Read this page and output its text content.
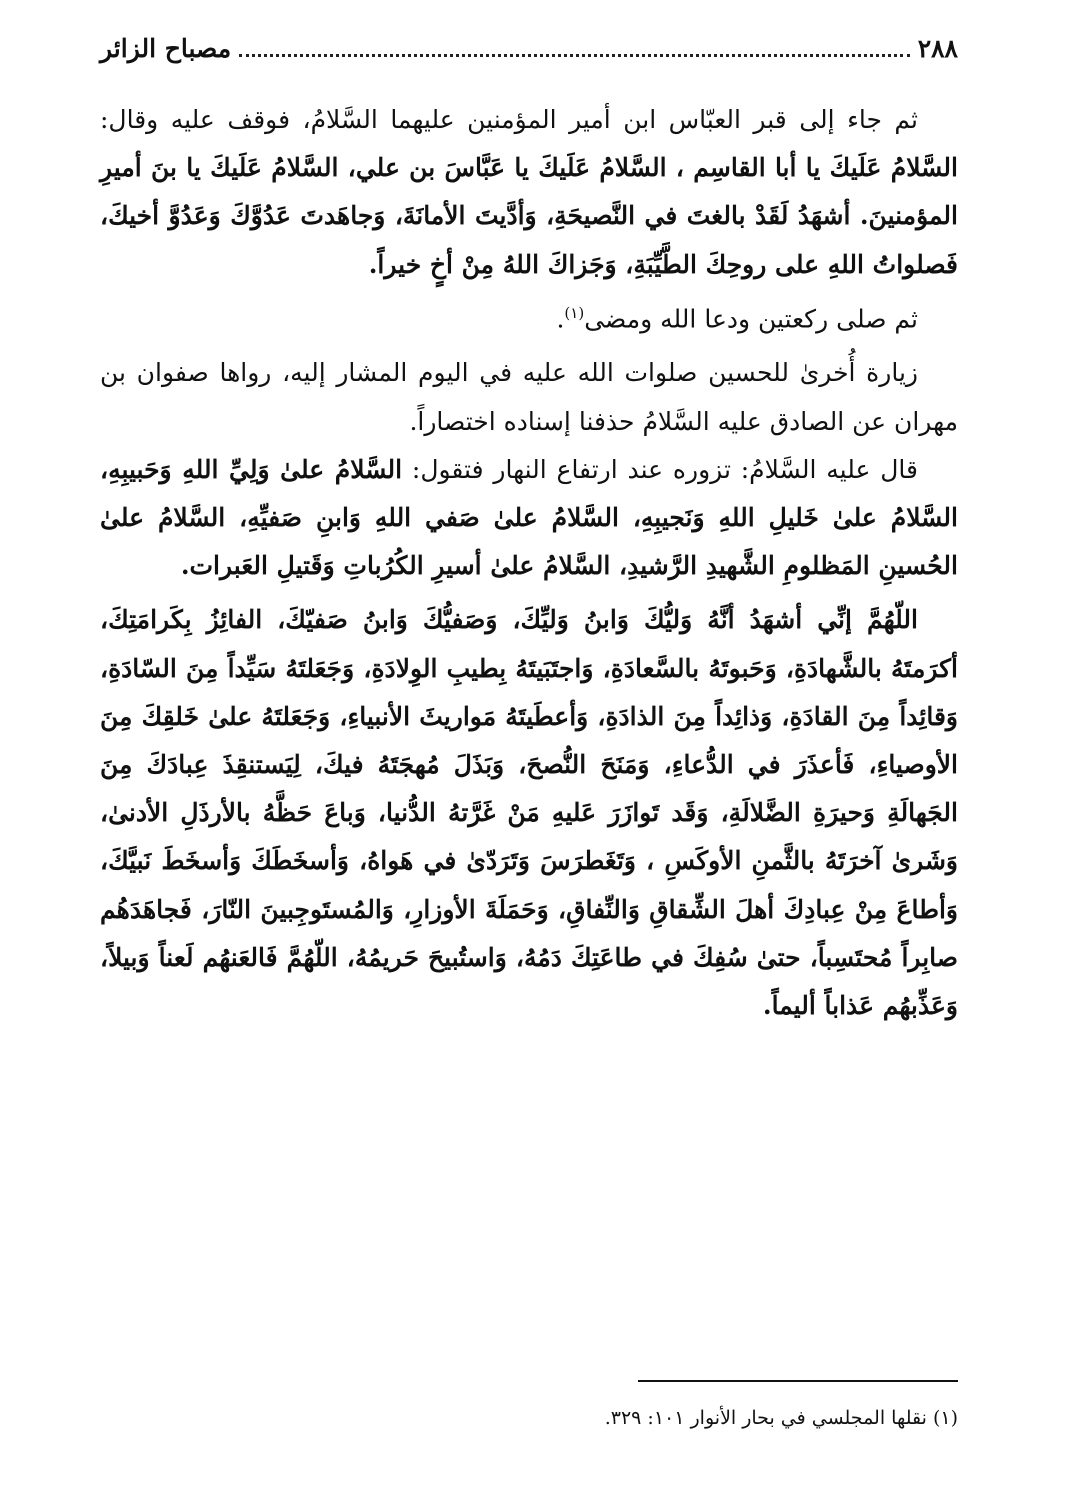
٢٨٨
مصباح الزائر

ثم جاء إلى قبر العبّاس ابن أمير المؤمنين عليهما السَّلامُ، فوقف عليه وقال: السَّلامُ عَلَيكَ يا أبا القاسِم ، السَّلامُ عَلَيكَ يا عَبَّاسَ بن علي، السَّلامُ عَلَيكَ يا بنَ أميرِ المؤمنينَ. أشهَدُ لَقَدْ بالغتَ في النَّصيحَةِ، وَأدَّيتَ الأمانَةَ، وَجاهَدتَ عَدُوَّكَ وَعَدُوَّ أخيكَ، فَصلواتُ اللهِ على روحِكَ الطَّيِّبَةِ، وَجَزاكَ اللهُ مِنْ أخٍ خيراً.

ثم صلى ركعتين ودعا الله ومضى$^{(١)}$.

زيارة أُخرىٰ للحسين صلوات الله عليه في اليوم المشار إليه، رواها صفوان بن مهران عن الصادق عليه السَّلامُ حذفنا إسناده اختصاراً.

قال عليه السَّلامُ: تزوره عند ارتفاع النهار فتقول: السَّلامُ علىٰ وَلِيِّ اللهِ وَحَبيبِهِ، السَّلامُ علىٰ خَليلِ اللهِ وَنَجيبِهِ، السَّلامُ علىٰ صَفي اللهِ وَابنِ صَفيِّهِ، السَّلامُ علىٰ الحُسينِ المَظلومِ الشَّهيدِ الرَّشيدِ، السَّلامُ علىٰ أسيرِ الكُرُباتِ وَقَتيلِ العَبرات.

اللّهُمَّ إنِّي أشهَدُ أنَّهُ وَليُّكَ وَابنُ وَليِّكَ، وَصَفيُّكَ وَابنُ صَفيّكَ، الفائِزُ بِكَرامَتِكَ، أكرَمتَهُ بالشَّهادَةِ، وَحَبوتَهُ بالسَّعادَةِ، وَاجتَبَيتَهُ بِطيبِ الوِلادَةِ، وَجَعَلتَهُ سَيِّداً مِنَ السّادَةِ، وَقائِداً مِنَ القادَةِ، وَذائِداً مِنَ الذادَةِ، وَأعطَيتَهُ مَواريثَ الأنبياءِ، وَجَعَلتَهُ علىٰ خَلقِكَ مِنَ الأوصياءِ، فَأعذَرَ في الدُّعاءِ، وَمَنَحَ النُّصحَ، وَبَذَلَ مُهجَتَهُ فيكَ، لِيَستنقِذَ عِبادَكَ مِنَ الجَهالَةِ وَحيرَةِ الضَّلالَةِ، وَقَد تَوازَرَ عَليهِ مَنْ غَرَّتهُ الدُّنيا، وَباعَ حَظَّهُ بالأرذَلِ الأدنىٰ، وَشَرىٰ آخرَتَهُ بالثَّمنِ الأوكَسِ ، وَتَغَطرَسَ وَتَرَدّىٰ في هَواهُ، وَأسخَطَكَ وَأسخَطَ نَبيَّكَ، وَأطاعَ مِنْ عِبادِكَ أهلَ الشِّقاقِ وَالنِّفاقِ، وَحَمَلَةَ الأوزارِ، وَالمُستَوجِبينَ النّارَ، فَجاهَدَهُم صابِراً مُحتَسِباً، حتىٰ سُفِكَ في طاعَتِكَ دَمُهُ، وَاستُبيحَ حَريمُهُ، اللّهُمَّ فَالعَنهُم لَعناً وَبيلاً، وَعَذِّبهُم عَذاباً أليماً.

(١) نقلها المجلسي في بحار الأنوار ١٠١: ٣٢٩.
